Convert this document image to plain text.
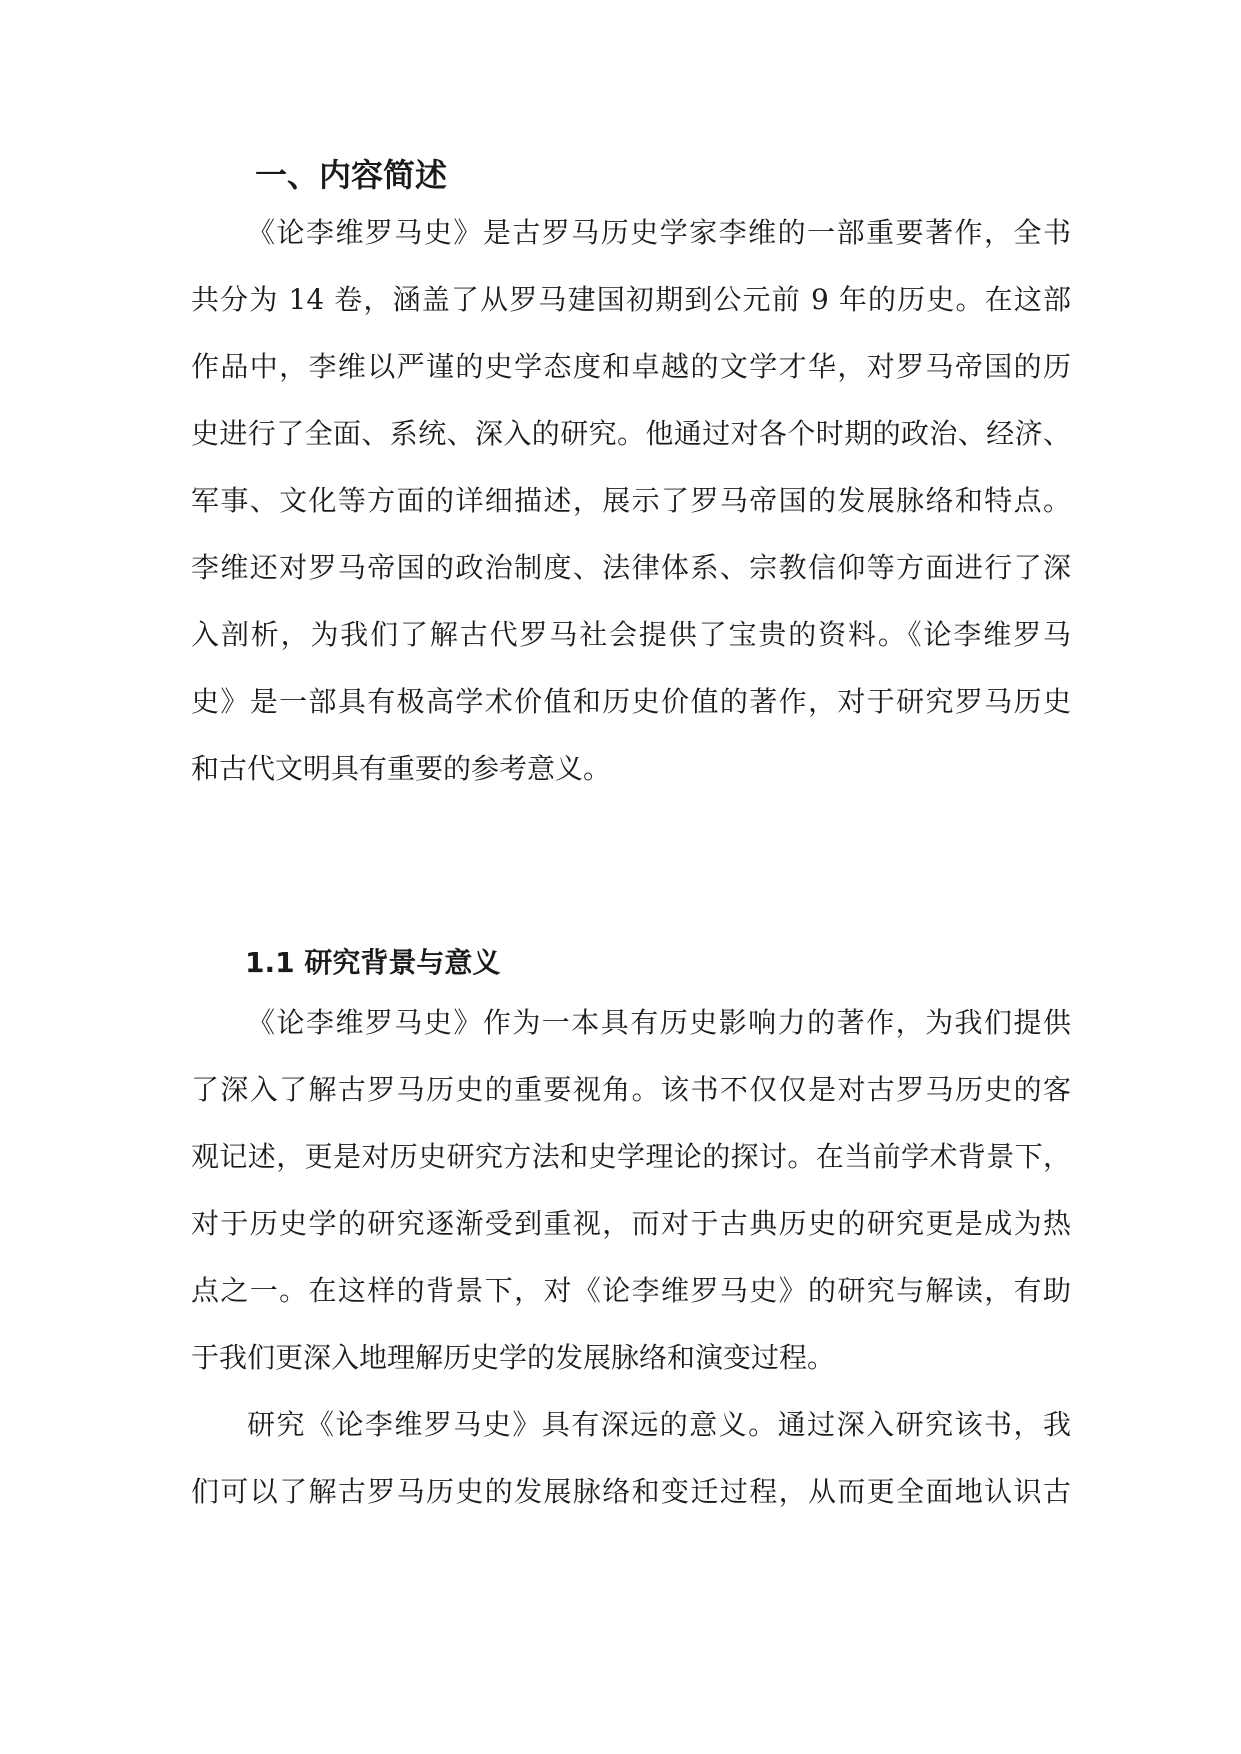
一、内容简述
《论李维罗马史》是古罗马历史学家李维的一部重要著作，全书
共分为 14 卷，涵盖了从罗马建国初期到公元前 9 年的历史。在这部
作品中，李维以严谨的史学态度和卓越的文学才华，对罗马帝国的历
史进行了全面、系统、深入的研究。他通过对各个时期的政治、经济、
军事、文化等方面的详细描述，展示了罗马帝国的发展脉络和特点。
李维还对罗马帝国的政治制度、法律体系、宗教信仰等方面进行了深
入剖析，为我们了解古代罗马社会提供了宝贵的资料。《论李维罗马
史》是一部具有极高学术价值和历史价值的著作，对于研究罗马历史
和古代文明具有重要的参考意义。
1.1 研究背景与意义
《论李维罗马史》作为一本具有历史影响力的著作，为我们提供
了深入了解古罗马历史的重要视角。该书不仅仅是对古罗马历史的客
观记述，更是对历史研究方法和史学理论的探讨。在当前学术背景下，
对于历史学的研究逐渐受到重视，而对于古典历史的研究更是成为热
点之一。在这样的背景下，对《论李维罗马史》的研究与解读，有助
于我们更深入地理解历史学的发展脉络和演变过程。
研究《论李维罗马史》具有深远的意义。通过深入研究该书，我
们可以了解古罗马历史的发展脉络和变迁过程，从而更全面地认识古
